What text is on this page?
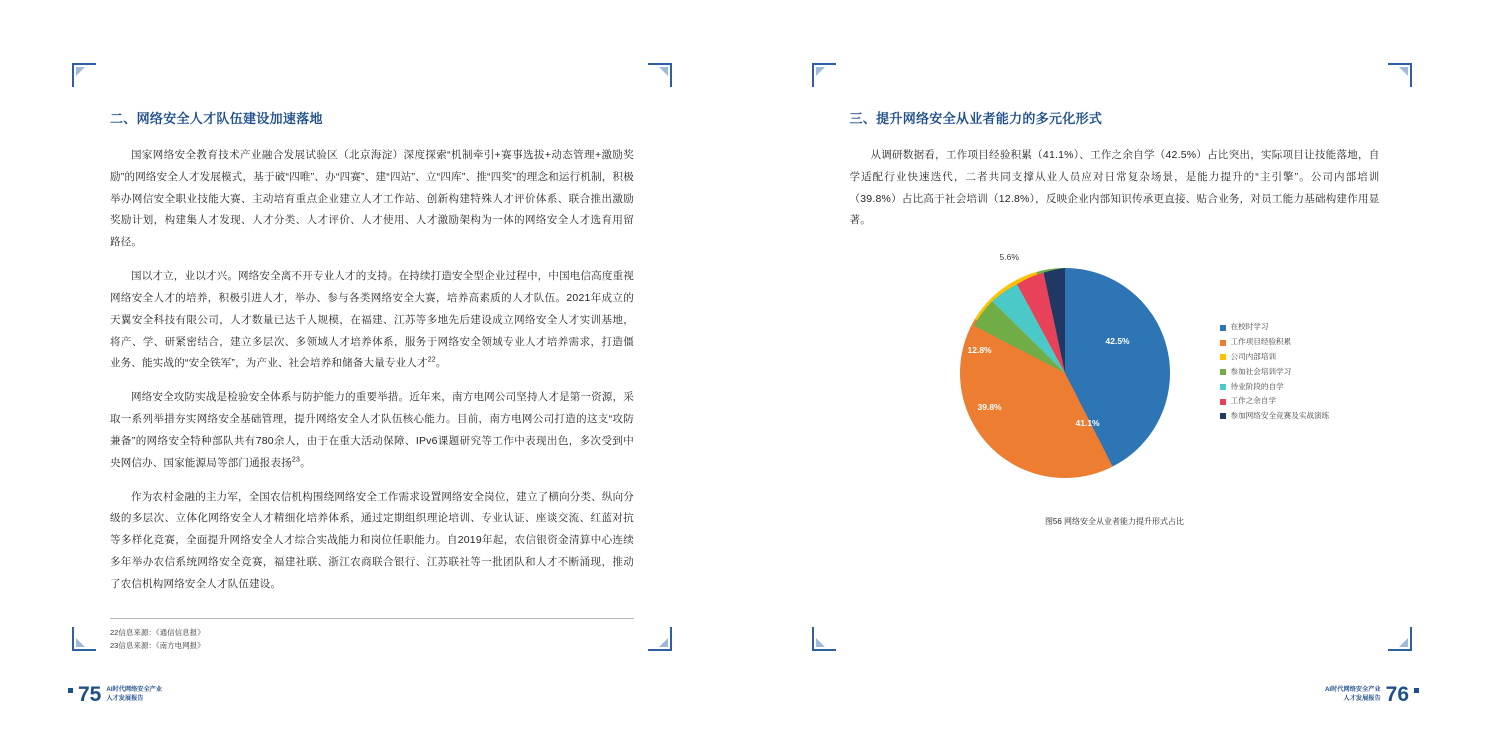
二、网络安全人才队伍建设加速落地

国家网络安全教育技术产业融合发展试验区（北京海淀）深度探索“机制牵引+赛事选拔+动态管理+激励奖励”的网络安全人才发展模式，基于破“四唯”、办“四赛”、建“四站”、立“四库”、推“四奖”的理念和运行机制，积极举办网信安全职业技能大赛、主动培育重点企业建立人才工作站、创新构建特殊人才评价体系、联合推出激励奖励计划，构建集人才发现、人才分类、人才评价、人才使用、人才激励架构为一体的网络安全人才选育用留路径。

国以才立，业以才兴。网络安全离不开专业人才的支持。在持续打造安全型企业过程中，中国电信高度重视网络安全人才的培养，积极引进人才，举办、参与各类网络安全大赛，培养高素质的人才队伍。2021年成立的天翼安全科技有限公司，人才数量已达千人规模，在福建、江苏等多地先后建设成立网络安全人才实训基地，将产、学、研紧密结合，建立多层次、多领域人才培养体系，服务于网络安全领域专业人才培养需求，打造僵业务、能实战的“安全铁军”，为产业、社会培养和储备大量专业人才$^{22}$。

网络安全攻防实战是检验安全体系与防护能力的重要举措。近年来，南方电网公司坚持人才是第一资源，采取一系列举措夯实网络安全基础管理，提升网络安全人才队伍核心能力。目前，南方电网公司打造的这支“攻防兼备”的网络安全特种部队共有780余人，由于在重大活动保障、IPv6课题研究等工作中表现出色，多次受到中央网信办、国家能源局等部门通报表扬$^{23}$。

作为农村金融的主力军，全国农信机构围绕网络安全工作需求设置网络安全岗位，建立了横向分类、纵向分级的多层次、立体化网络安全人才精细化培养体系，通过定期组织理论培训、专业认证、座谈交流、红蓝对抗等多样化竞赛，全面提升网络安全人才综合实战能力和岗位任职能力。自2019年起，农信银资金清算中心连续多年举办农信系统网络安全竞赛，福建社联、浙江农商联合银行、江苏联社等一批团队和人才不断涌现，推动了农信机构网络安全人才队伍建设。

22信息来源：《通信信息报》

23信息来源：《南方电网报》

75 AI时代网络安全产业
人才发展报告
三、提升网络安全从业者能力的多元化形式

从调研数据看，工作项目经验积累（41.1%）、工作之余自学（42.5%）占比突出，实际项目让技能落地，自学适配行业快速迭代，二者共同支撑从业人员应对日常复杂场景，是能力提升的“主引擎”。公司内部培训（39.8%）占比高于社会培训（12.8%），反映企业内部知识传承更直接、贴合业务，对员工能力基础构建作用显著。

42.5%
41.1%
39.8%
12.8%
5.6%
在校时学习
工作项目经验积累
公司内部培训
参加社会培训学习
待业阶段的自学
工作之余自学
参加网络安全竞赛及实战演练
图56 网络安全从业者能力提升形式占比
AI时代网络安全产业
人才发展报告 76
